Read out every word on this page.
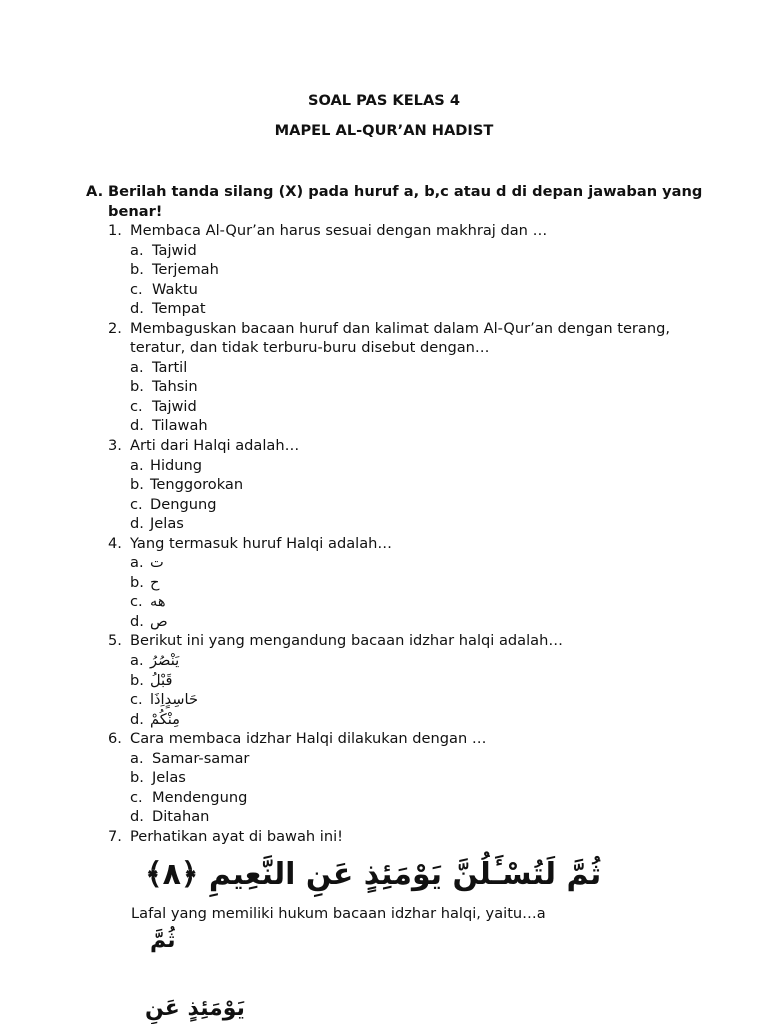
SOAL PAS KELAS 4
MAPEL AL-QUR’AN HADIST
A. Berilah tanda silang (X) pada huruf a, b,c atau d di depan jawaban yang benar!
1. Membaca Al-Qur’an harus sesuai dengan makhraj dan …
a. Tajwid
b. Terjemah
c. Waktu
d. Tempat
2. Membaguskan bacaan huruf dan kalimat dalam Al-Qur’an dengan terang, teratur, dan tidak terburu-buru disebut dengan…
a. Tartil
b. Tahsin
c. Tajwid
d. Tilawah
3. Arti dari Halqi adalah…
a. Hidung
b. Tenggorokan
c. Dengung
d. Jelas
4. Yang termasuk huruf Halqi adalah…
a. ت
b. ح
c. هه
d. ص
5. Berikut ini yang mengandung bacaan idzhar halqi adalah…
a. يَنْصُرُ
b. قَبْلُ
c. حَاسِدٍاِذَا
d. مِنْكُمْ
6. Cara membaca idzhar Halqi dilakukan dengan …
a. Samar-samar
b. Jelas
c. Mendengung
d. Ditahan
7. Perhatikan ayat di bawah ini!
ثُمَّ لَتُسْـَٔلُنَّ يَوْمَئِذٍ عَنِ النَّعِيمِ ﴿٨﴾
Lafal yang memiliki hukum bacaan idzhar halqi, yaitu…a
ثُمَّ
يَوْمَئِذٍ عَنِ
